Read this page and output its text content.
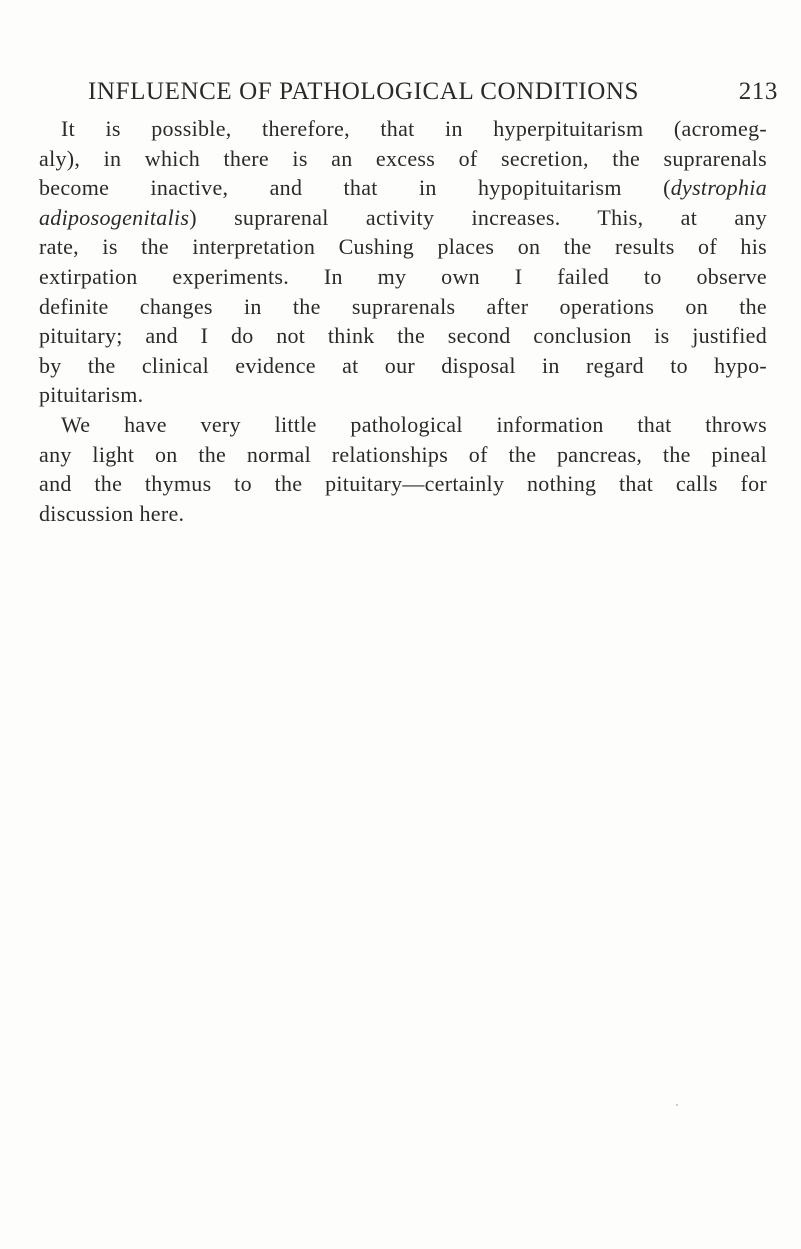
INFLUENCE OF PATHOLOGICAL CONDITIONS	213
It is possible, therefore, that in hyperpituitarism (acromeg-
aly), in which there is an excess of secretion, the suprarenals
become inactive, and that in hypopituitarism (dystrophia
adiposogenitalis) suprarenal activity increases. This, at any
rate, is the interpretation Cushing places on the results of his
extirpation experiments. In my own I failed to observe
definite changes in the suprarenals after operations on the
pituitary; and I do not think the second conclusion is justified
by the clinical evidence at our disposal in regard to hypo-
pituitarism.
We have very little pathological information that throws
any light on the normal relationships of the pancreas, the pineal
and the thymus to the pituitary—certainly nothing that calls for
discussion here.
